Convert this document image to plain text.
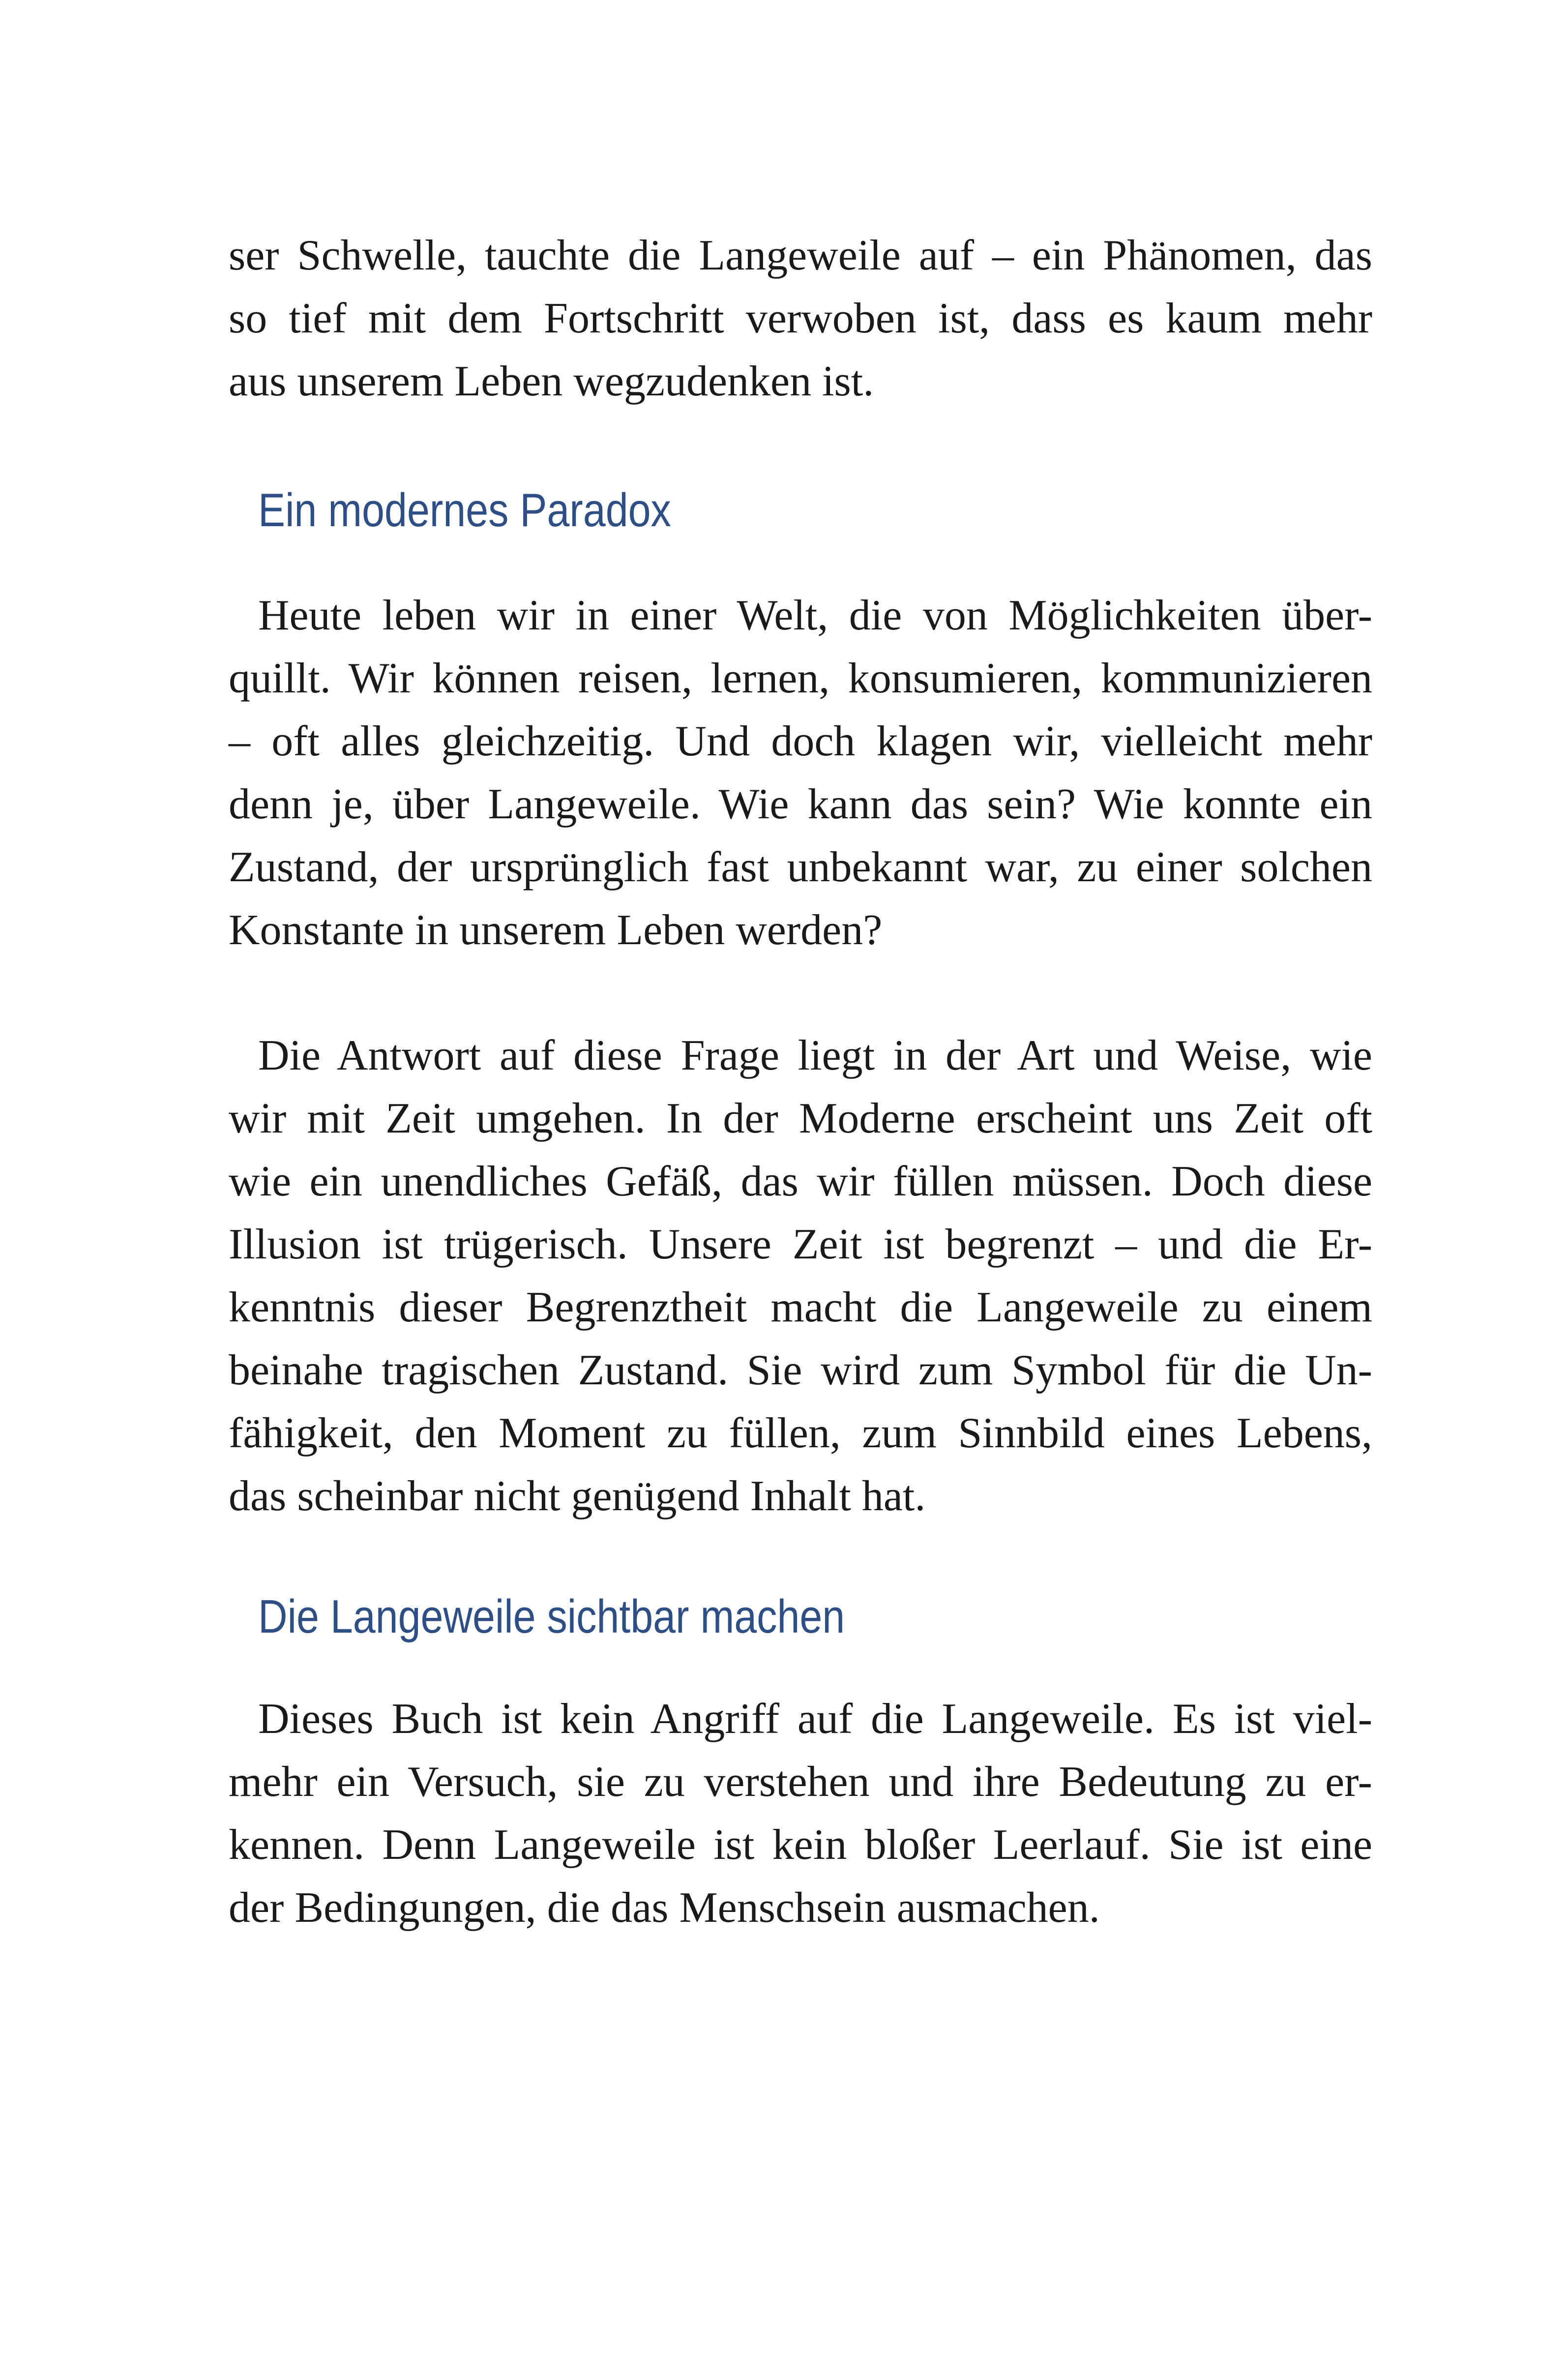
ser Schwelle, tauchte die Langeweile auf – ein Phänomen, das
so tief mit dem Fortschritt verwoben ist, dass es kaum mehr
aus unserem Leben wegzudenken ist.
Ein modernes Paradox
Heute leben wir in einer Welt, die von Möglichkeiten über-
quillt. Wir können reisen, lernen, konsumieren, kommunizieren
– oft alles gleichzeitig. Und doch klagen wir, vielleicht mehr
denn je, über Langeweile. Wie kann das sein? Wie konnte ein
Zustand, der ursprünglich fast unbekannt war, zu einer solchen
Konstante in unserem Leben werden?
Die Antwort auf diese Frage liegt in der Art und Weise, wie
wir mit Zeit umgehen. In der Moderne erscheint uns Zeit oft
wie ein unendliches Gefäß, das wir füllen müssen. Doch diese
Illusion ist trügerisch. Unsere Zeit ist begrenzt – und die Er-
kenntnis dieser Begrenztheit macht die Langeweile zu einem
beinahe tragischen Zustand. Sie wird zum Symbol für die Un-
fähigkeit, den Moment zu füllen, zum Sinnbild eines Lebens,
das scheinbar nicht genügend Inhalt hat.
Die Langeweile sichtbar machen
Dieses Buch ist kein Angriff auf die Langeweile. Es ist viel-
mehr ein Versuch, sie zu verstehen und ihre Bedeutung zu er-
kennen. Denn Langeweile ist kein bloßer Leerlauf. Sie ist eine
der Bedingungen, die das Menschsein ausmachen.
